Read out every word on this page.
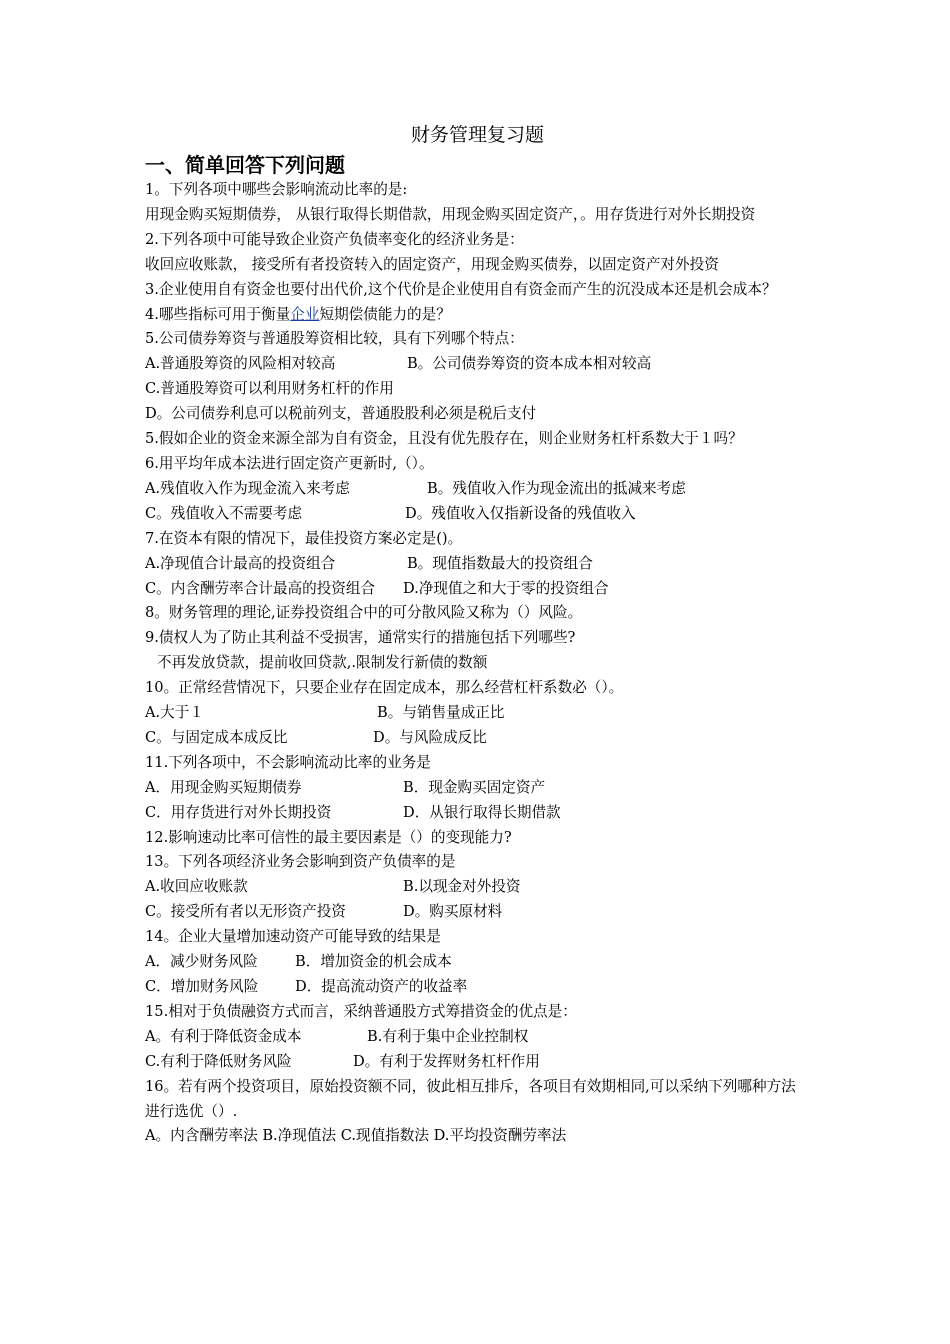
财务管理复习题
一、简单回答下列问题

1。下列各项中哪些会影响流动比率的是:

用现金购买短期债券， 从银行取得长期借款，用现金购买固定资产，。用存货进行对外长期投资

2.下列各项中可能导致企业资产负债率变化的经济业务是：

收回应收账款， 接受所有者投资转入的固定资产，用现金购买债券，以固定资产对外投资

3.企业使用自有资金也要付出代价,这个代价是企业使用自有资金而产生的沉没成本还是机会成本？

4.哪些指标可用于衡量企业短期偿债能力的是？

5.公司债券筹资与普通股筹资相比较，具有下列哪个特点：

A.普通股筹资的风险相对较高	B。公司债券筹资的资本成本相对较高

C.普通股筹资可以利用财务杠杆的作用

D。公司债券利息可以税前列支，普通股股利必须是税后支付

5.假如企业的资金来源全部为自有资金，且没有优先股存在，则企业财务杠杆系数大于１吗？

6.用平均年成本法进行固定资产更新时,（）。

A.残值收入作为现金流入来考虑	B。残值收入作为现金流出的抵减来考虑

C。残值收入不需要考虑	D。残值收入仅指新设备的残值收入

7.在资本有限的情况下，最佳投资方案必定是()。

A.净现值合计最高的投资组合	B。现值指数最大的投资组合

C。内含酬劳率合计最高的投资组合 D.净现值之和大于零的投资组合

8。财务管理的理论,证券投资组合中的可分散风险又称为（）风险。

9.债权人为了防止其利益不受损害，通常实行的措施包括下列哪些?

不再发放贷款，提前收回贷款,.限制发行新债的数额

10。正常经营情况下，只要企业存在固定成本，那么经营杠杆系数必（）。

A.大于１	B。与销售量成正比

C。与固定成本成反比	D。与风险成反比

11.下列各项中，不会影响流动比率的业务是

A．用现金购买短期债券	B．现金购买固定资产

C．用存货进行对外长期投资	D．从银行取得长期借款

12.影响速动比率可信性的最主要因素是（）的变现能力?

13。下列各项经济业务会影响到资产负债率的是

A.收回应收账款	B.以现金对外投资

C。接受所有者以无形资产投资	D。购买原材料

14。企业大量增加速动资产可能导致的结果是

A．减少财务风险	B．增加资金的机会成本

C．增加财务风险	D．提高流动资产的收益率

15.相对于负债融资方式而言，采纳普通股方式筹措资金的优点是：

A。有利于降低资金成本	B.有利于集中企业控制权

C.有利于降低财务风险	D。有利于发挥财务杠杆作用

16。若有两个投资项目，原始投资额不同，彼此相互排斥，各项目有效期相同,可以采纳下列哪种方法进行选优（）.

A。内含酬劳率法 B.净现值法 C.现值指数法 D.平均投资酬劳率法
